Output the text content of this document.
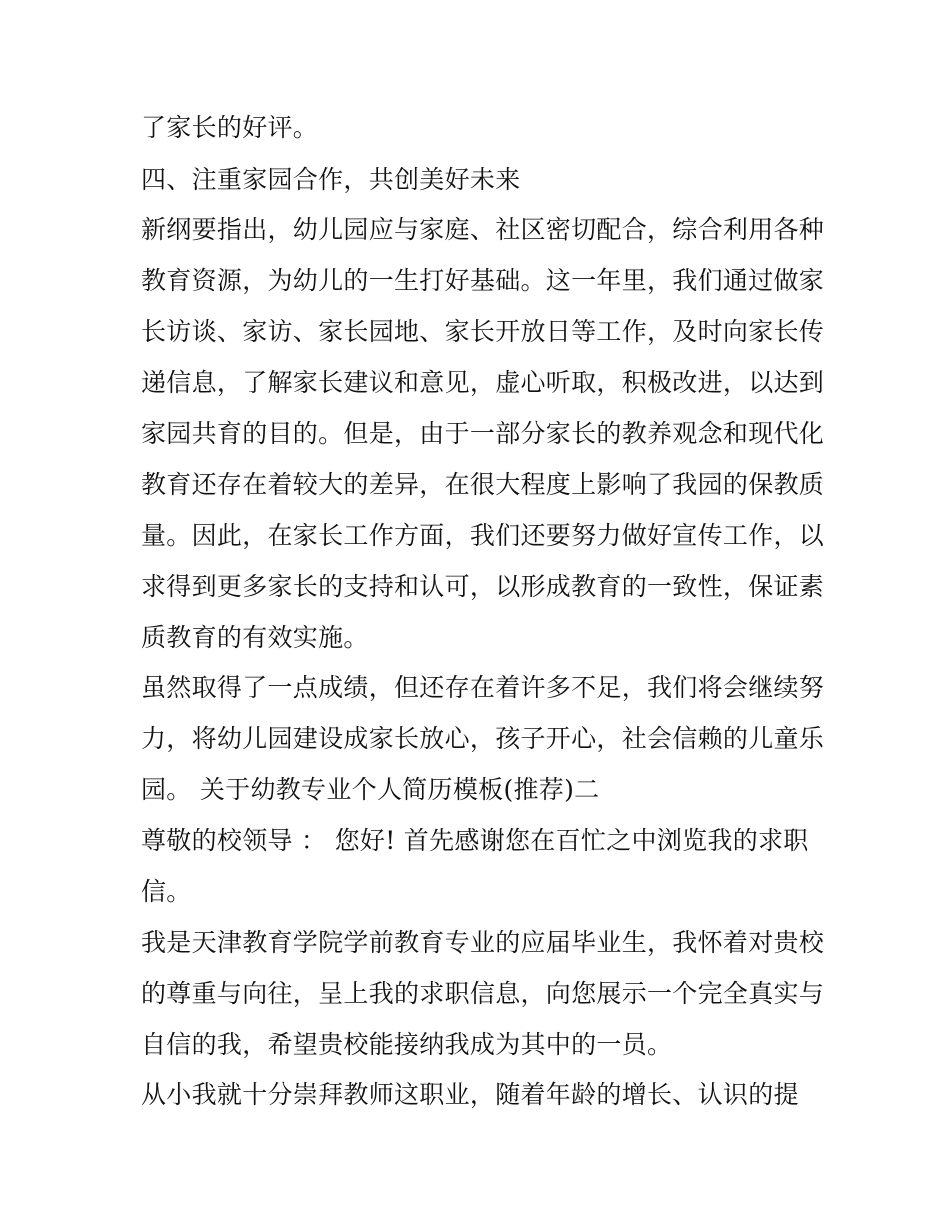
了家长的好评。
四、注重家园合作，共创美好未来
新纲要指出，幼儿园应与家庭、社区密切配合，综合利用各种
教育资源，为幼儿的一生打好基础。这一年里，我们通过做家
长访谈、家访、家长园地、家长开放日等工作，及时向家长传
递信息，了解家长建议和意见，虚心听取，积极改进，以达到
家园共育的目的。但是，由于一部分家长的教养观念和现代化
教育还存在着较大的差异，在很大程度上影响了我园的保教质
量。因此，在家长工作方面，我们还要努力做好宣传工作，以
求得到更多家长的支持和认可，以形成教育的一致性，保证素
质教育的有效实施。
虽然取得了一点成绩，但还存在着许多不足，我们将会继续努
力，将幼儿园建设成家长放心，孩子开心，社会信赖的儿童乐
园。 关于幼教专业个人简历模板(推荐)二
尊敬的校领导 ： 您好! 首先感谢您在百忙之中浏览我的求职
信。
我是天津教育学院学前教育专业的应届毕业生，我怀着对贵校
的尊重与向往，呈上我的求职信息，向您展示一个完全真实与
自信的我，希望贵校能接纳我成为其中的一员。
从小我就十分崇拜教师这职业，随着年龄的增长、认识的提
